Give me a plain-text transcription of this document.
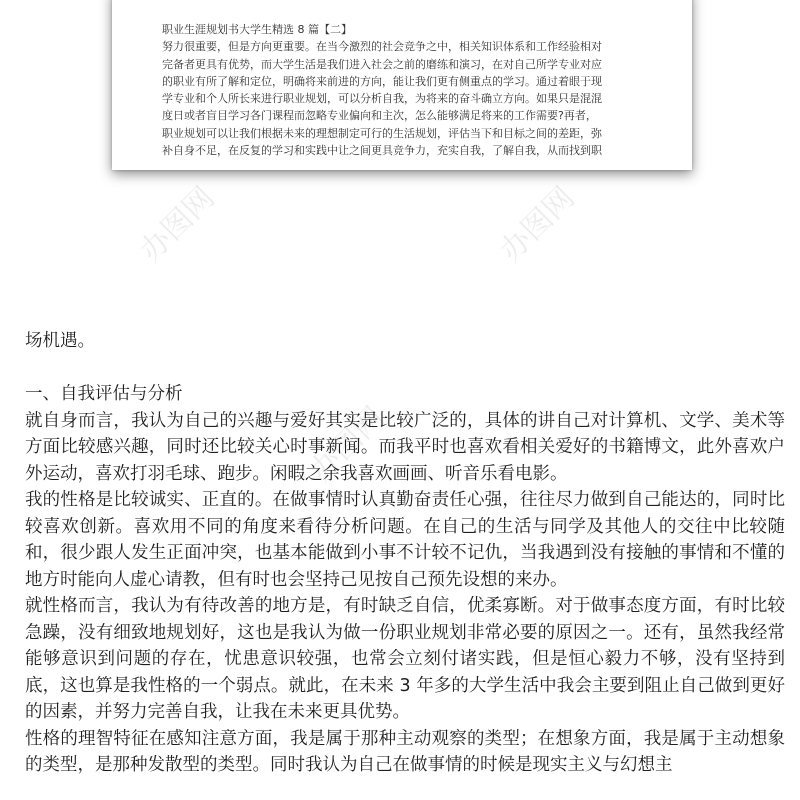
职业生涯规划书大学生精选 8 篇【二】
努力很重要，但是方向更重要。在当今激烈的社会竞争之中，相关知识体系和工作经验相对
完备者更具有优势，而大学生活是我们进入社会之前的磨练和演习，在对自己所学专业对应
的职业有所了解和定位，明确将来前进的方向，能让我们更有侧重点的学习。通过着眼于现
学专业和个人所长来进行职业规划，可以分析自我，为将来的奋斗确立方向。如果只是混混
度日或者盲目学习各门课程而忽略专业偏向和主次，怎么能够满足将来的工作需要?再者，
职业规划可以让我们根据未来的理想制定可行的生活规划，评估当下和目标之间的差距，弥
补自身不足，在反复的学习和实践中让之间更具竞争力，充实自我，了解自我，从而找到职
办图网	办图网
办图网

场机遇。

一、自我评估与分析

就自身而言，我认为自己的兴趣与爱好其实是比较广泛的，具体的讲自己对计算机、文学、美术等方面比较感兴趣，同时还比较关心时事新闻。而我平时也喜欢看相关爱好的书籍博文，此外喜欢户外运动，喜欢打羽毛球、跑步。闲暇之余我喜欢画画、听音乐看电影。

我的性格是比较诚实、正直的。在做事情时认真勤奋责任心强，往往尽力做到自己能达的，同时比较喜欢创新。喜欢用不同的角度来看待分析问题。在自己的生活与同学及其他人的交往中比较随和，很少跟人发生正面冲突，也基本能做到小事不计较不记仇，当我遇到没有接触的事情和不懂的地方时能向人虚心请教，但有时也会坚持己见按自己预先设想的来办。

就性格而言，我认为有待改善的地方是，有时缺乏自信，优柔寡断。对于做事态度方面，有时比较急躁，没有细致地规划好，这也是我认为做一份职业规划非常必要的原因之一。还有，虽然我经常能够意识到问题的存在，忧患意识较强，也常会立刻付诸实践，但是恒心毅力不够，没有坚持到底，这也算是我性格的一个弱点。就此，在未来 3 年多的大学生活中我会主要到阻止自己做到更好的因素，并努力完善自我，让我在未来更具优势。

性格的理智特征在感知注意方面，我是属于那种主动观察的类型；在想象方面，我是属于主动想象的类型，是那种发散型的类型。同时我认为自己在做事情的时候是现实主义与幻想主
